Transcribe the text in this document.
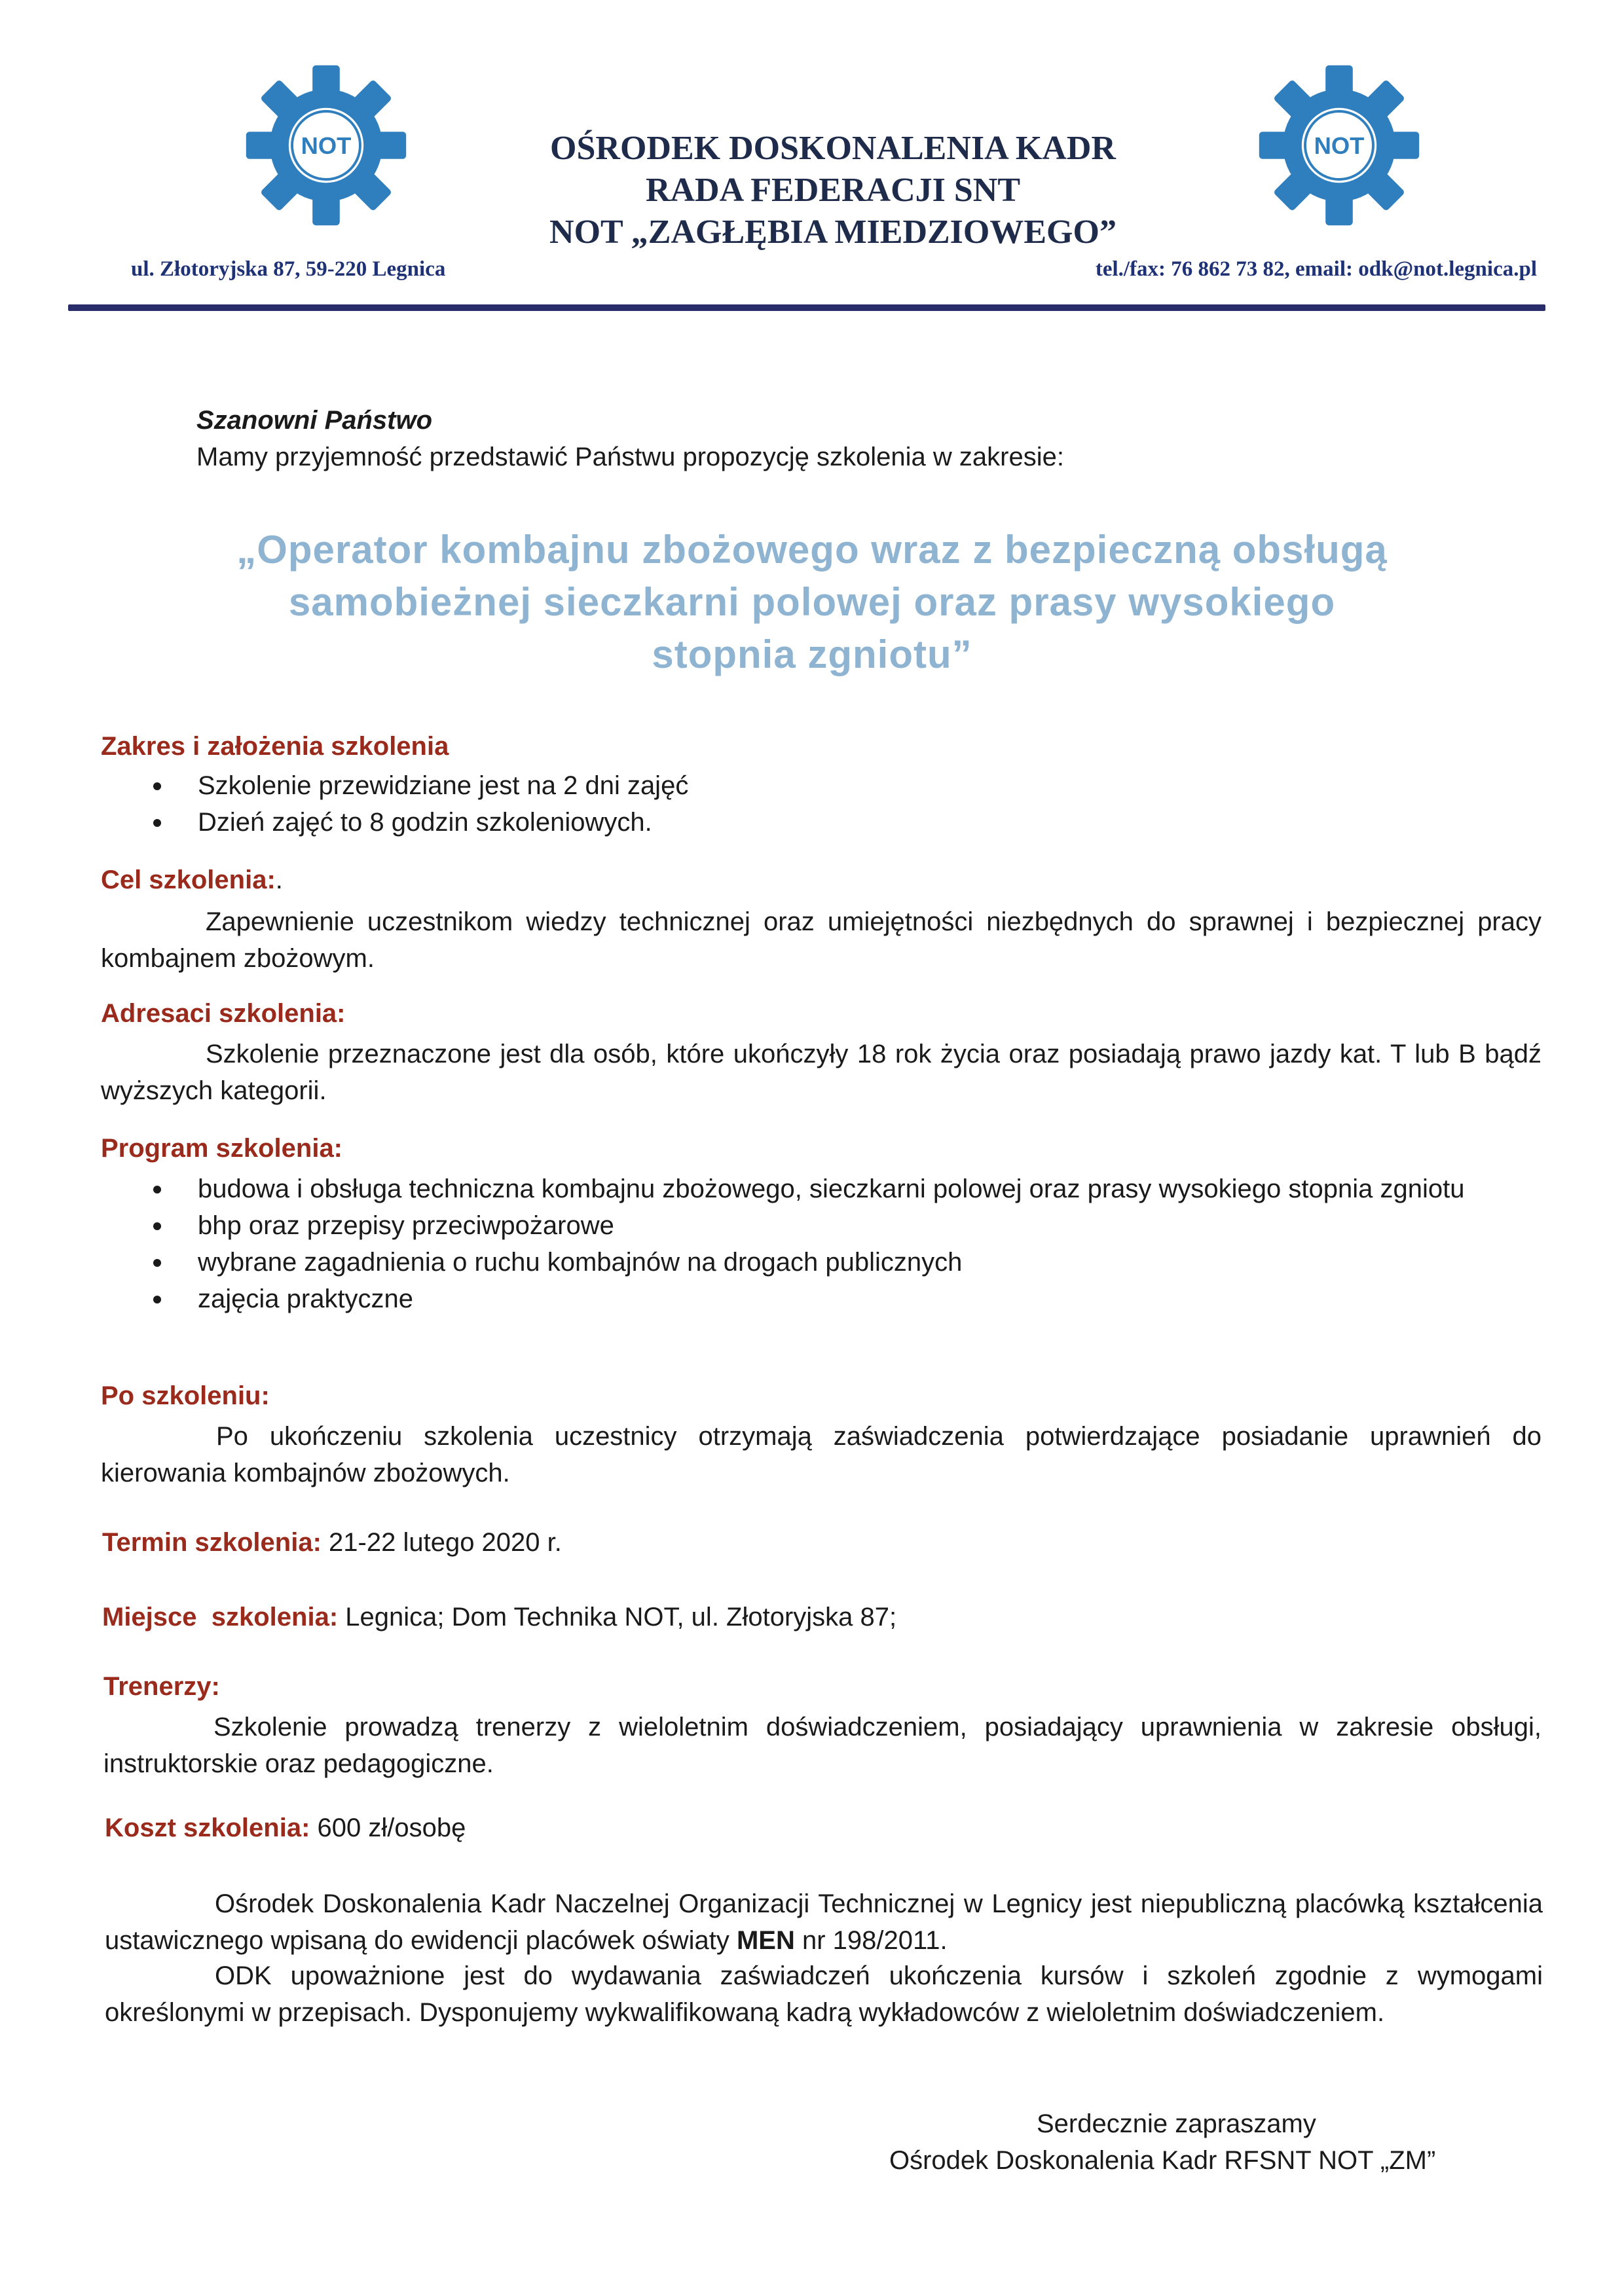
NOT	NOT
OŚRODEK DOSKONALENIA KADR
RADA FEDERACJI SNT
NOT „ZAGŁĘBIA MIEDZIOWEGO”
ul. Złotoryjska 87, 59-220 Legnica	tel./fax: 76 862 73 82, email: odk@not.legnica.pl
Szanowni Państwo
Mamy przyjemność przedstawić Państwu propozycję szkolenia w zakresie:
„Operator kombajnu zbożowego wraz z bezpieczną obsługą
samobieżnej sieczkarni polowej oraz prasy wysokiego
stopnia zgniotu”
Zakres i założenia szkolenia
Szkolenie przewidziane jest na 2 dni zajęć
Dzień zajęć to 8 godzin szkoleniowych.
Cel szkolenia:.
Zapewnienie uczestnikom wiedzy technicznej oraz umiejętności niezbędnych do sprawnej i bezpiecznej pracy kombajnem zbożowym.
Adresaci szkolenia:
Szkolenie przeznaczone jest dla osób, które ukończyły 18 rok życia oraz posiadają prawo jazdy kat. T lub B bądź wyższych kategorii.
Program szkolenia:
budowa i obsługa techniczna kombajnu zbożowego, sieczkarni polowej oraz prasy wysokiego stopnia zgniotu
bhp oraz przepisy przeciwpożarowe
wybrane zagadnienia o ruchu kombajnów na drogach publicznych
zajęcia praktyczne
Po szkoleniu:
Po ukończeniu szkolenia uczestnicy otrzymają zaświadczenia potwierdzające posiadanie uprawnień do kierowania kombajnów zbożowych.
Termin szkolenia: 21-22 lutego 2020 r.
Miejsce  szkolenia: Legnica; Dom Technika NOT, ul. Złotoryjska 87;
Trenerzy:
Szkolenie prowadzą trenerzy z wieloletnim doświadczeniem, posiadający uprawnienia w zakresie obsługi, instruktorskie oraz pedagogiczne.
Koszt szkolenia: 600 zł/osobę
Ośrodek Doskonalenia Kadr Naczelnej Organizacji Technicznej w Legnicy jest niepubliczną placówką kształcenia ustawicznego wpisaną do ewidencji placówek oświaty MEN nr 198/2011.
ODK upoważnione jest do wydawania zaświadczeń ukończenia kursów i szkoleń zgodnie z wymogami określonymi w przepisach. Dysponujemy wykwalifikowaną kadrą wykładowców z wieloletnim doświadczeniem.
Serdecznie zapraszamy
Ośrodek Doskonalenia Kadr RFSNT NOT „ZM”
